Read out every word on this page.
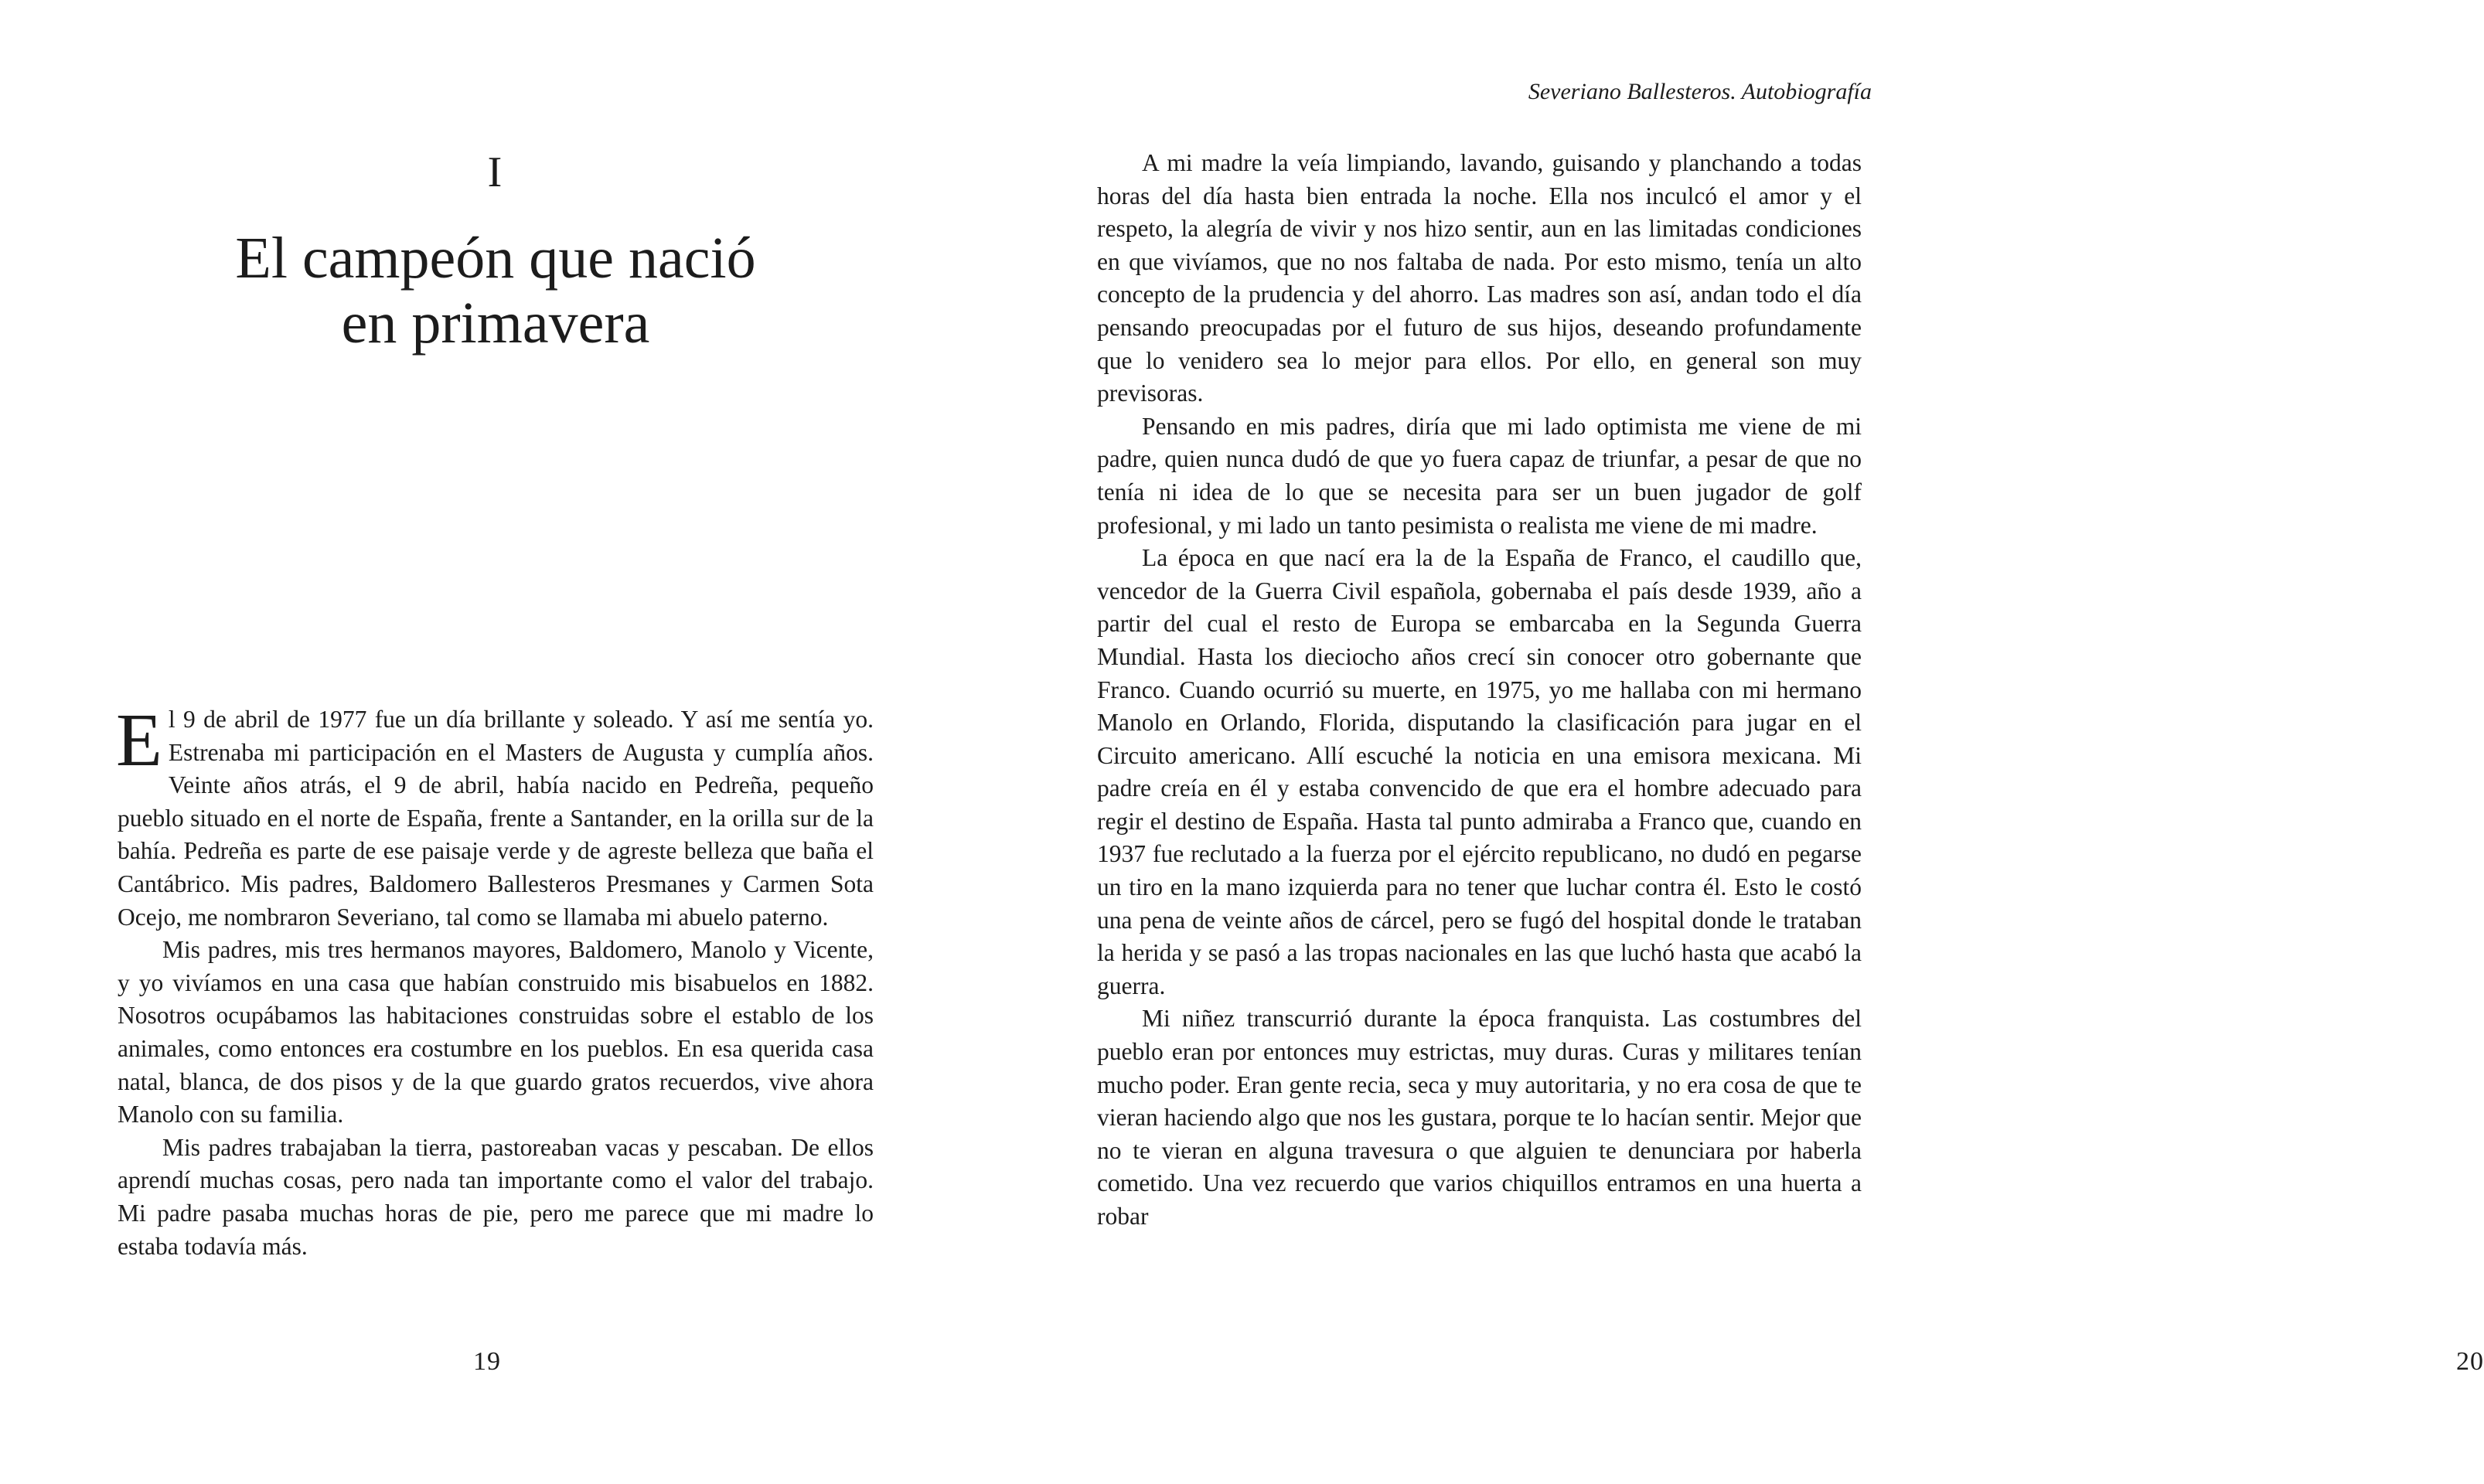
I
El campeón que nació
en primavera

El 9 de abril de 1977 fue un día brillante y soleado. Y así me sentía yo. Estrenaba mi participación en el Masters de Augusta y cumplía años. Veinte años atrás, el 9 de abril, había nacido en Pedreña, pequeño pueblo situado en el norte de España, frente a Santander, en la orilla sur de la bahía. Pedreña es parte de ese paisaje verde y de agreste belleza que baña el Cantábrico. Mis padres, Baldomero Ballesteros Presmanes y Carmen Sota Ocejo, me nombraron Severiano, tal como se llamaba mi abuelo paterno.

Mis padres, mis tres hermanos mayores, Baldomero, Manolo y Vicente, y yo vivíamos en una casa que habían construido mis bisabuelos en 1882. Nosotros ocupábamos las habitaciones construidas sobre el establo de los animales, como entonces era costumbre en los pueblos. En esa querida casa natal, blanca, de dos pisos y de la que guardo gratos recuerdos, vive ahora Manolo con su familia.

Mis padres trabajaban la tierra, pastoreaban vacas y pescaban. De ellos aprendí muchas cosas, pero nada tan importante como el valor del trabajo. Mi padre pasaba muchas horas de pie, pero me parece que mi madre lo estaba todavía más.

19
Severiano Ballesteros. Autobiografía

A mi madre la veía limpiando, lavando, guisando y planchando a todas horas del día hasta bien entrada la noche. Ella nos inculcó el amor y el respeto, la alegría de vivir y nos hizo sentir, aun en las limitadas condiciones en que vivíamos, que no nos faltaba de nada. Por esto mismo, tenía un alto concepto de la prudencia y del ahorro. Las madres son así, andan todo el día pensando preocupadas por el futuro de sus hijos, deseando profundamente que lo venidero sea lo mejor para ellos. Por ello, en general son muy previsoras.

Pensando en mis padres, diría que mi lado optimista me viene de mi padre, quien nunca dudó de que yo fuera capaz de triunfar, a pesar de que no tenía ni idea de lo que se necesita para ser un buen jugador de golf profesional, y mi lado un tanto pesimista o realista me viene de mi madre.

La época en que nací era la de la España de Franco, el caudillo que, vencedor de la Guerra Civil española, gobernaba el país desde 1939, año a partir del cual el resto de Europa se embarcaba en la Segunda Guerra Mundial. Hasta los dieciocho años crecí sin conocer otro gobernante que Franco. Cuando ocurrió su muerte, en 1975, yo me hallaba con mi hermano Manolo en Orlando, Florida, disputando la clasificación para jugar en el Circuito americano. Allí escuché la noticia en una emisora mexicana. Mi padre creía en él y estaba convencido de que era el hombre adecuado para regir el destino de España. Hasta tal punto admiraba a Franco que, cuando en 1937 fue reclutado a la fuerza por el ejército republicano, no dudó en pegarse un tiro en la mano izquierda para no tener que luchar contra él. Esto le costó una pena de veinte años de cárcel, pero se fugó del hospital donde le trataban la herida y se pasó a las tropas nacionales en las que luchó hasta que acabó la guerra.

Mi niñez transcurrió durante la época franquista. Las costumbres del pueblo eran por entonces muy estrictas, muy duras. Curas y militares tenían mucho poder. Eran gente recia, seca y muy autoritaria, y no era cosa de que te vieran haciendo algo que nos les gustara, porque te lo hacían sentir. Mejor que no te vieran en alguna travesura o que alguien te denunciara por haberla cometido. Una vez recuerdo que varios chiquillos entramos en una huerta a robar

20
